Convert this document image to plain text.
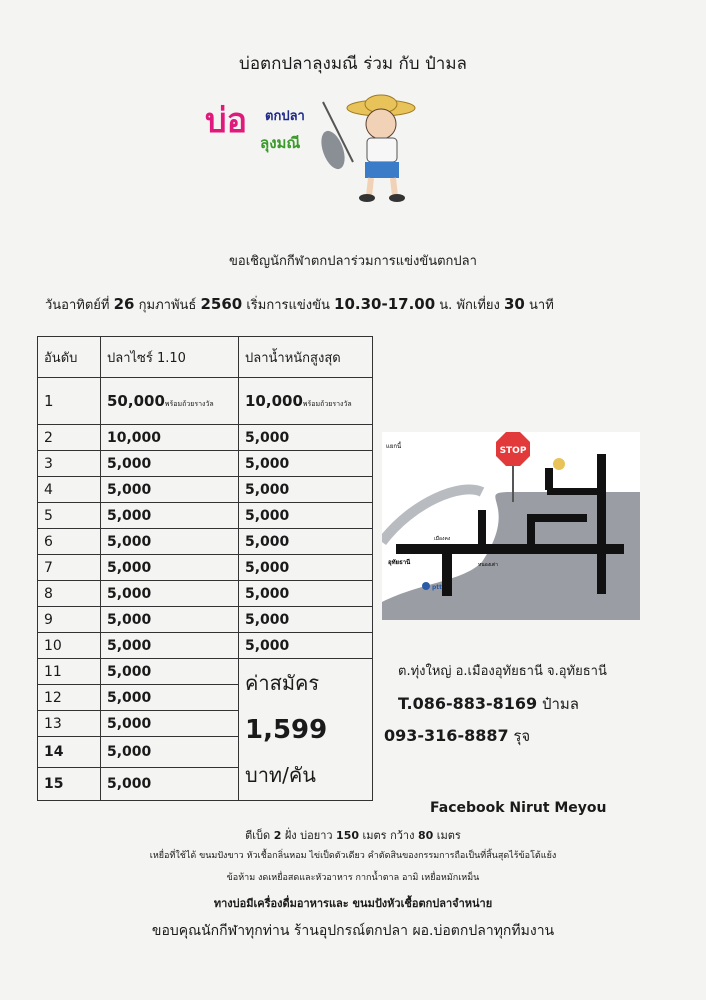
บ่อตกปลาลุงมณี ร่วม กับ ป๋ามล
บ่อ ตกปลา
ลุงมณี
ขอเชิญนักกีฬาตกปลาร่วมการแข่งขันตกปลา
วันอาทิตย์ที่ 26 กุมภาพันธ์ 2560 เริ่มการแข่งขัน 10.30-17.00 น. พักเที่ยง 30 นาที
อันดับ	ปลาไซร์ 1.10	ปลาน้ำหนักสูงสุด
1	50,000พร้อมถ้วยรางวัล	10,000พร้อมถ้วยรางวัล
2	10,000	5,000
3	5,000	5,000
4	5,000	5,000
5	5,000	5,000
6	5,000	5,000
7	5,000	5,000
8	5,000	5,000
9	5,000	5,000
10	5,000	5,000
11	5,000	ค่าสมัคร
1,599
บาท/คัน

12	5,000	
13	5,000	
14	5,000	
15	5,000	
STOP
แยกนี้
อุทัยธานี	หนองเต่า
เมืองคง
ptt
ต.ทุ่งใหญ่ อ.เมืองอุทัยธานี จ.อุทัยธานี
T.086-883-8169 ป๋ามล
093-316-8887 รุจ
Facebook Nirut Meyou
ตีเบ็ด 2 ฝั่ง บ่อยาว 150 เมตร กว้าง 80 เมตร
เหยื่อที่ใช้ได้ ขนมปังขาว หัวเชื้อกลิ่นหอม ไข่เป็ดตัวเดียว คำตัดสินของกรรมการถือเป็นที่สิ้นสุดไร้ข้อโต้แย้ง
ข้อห้าม งดเหยื่อสดและหัวอาหาร กากน้ำตาล อามิ เหยื่อหมักเหม็น
ทางบ่อมีเครื่องดื่มอาหารและ ขนมปังหัวเชื้อตกปลาจำหน่าย
ขอบคุณนักกีฬาทุกท่าน ร้านอุปกรณ์ตกปลา ผอ.บ่อตกปลาทุกทีมงาน
